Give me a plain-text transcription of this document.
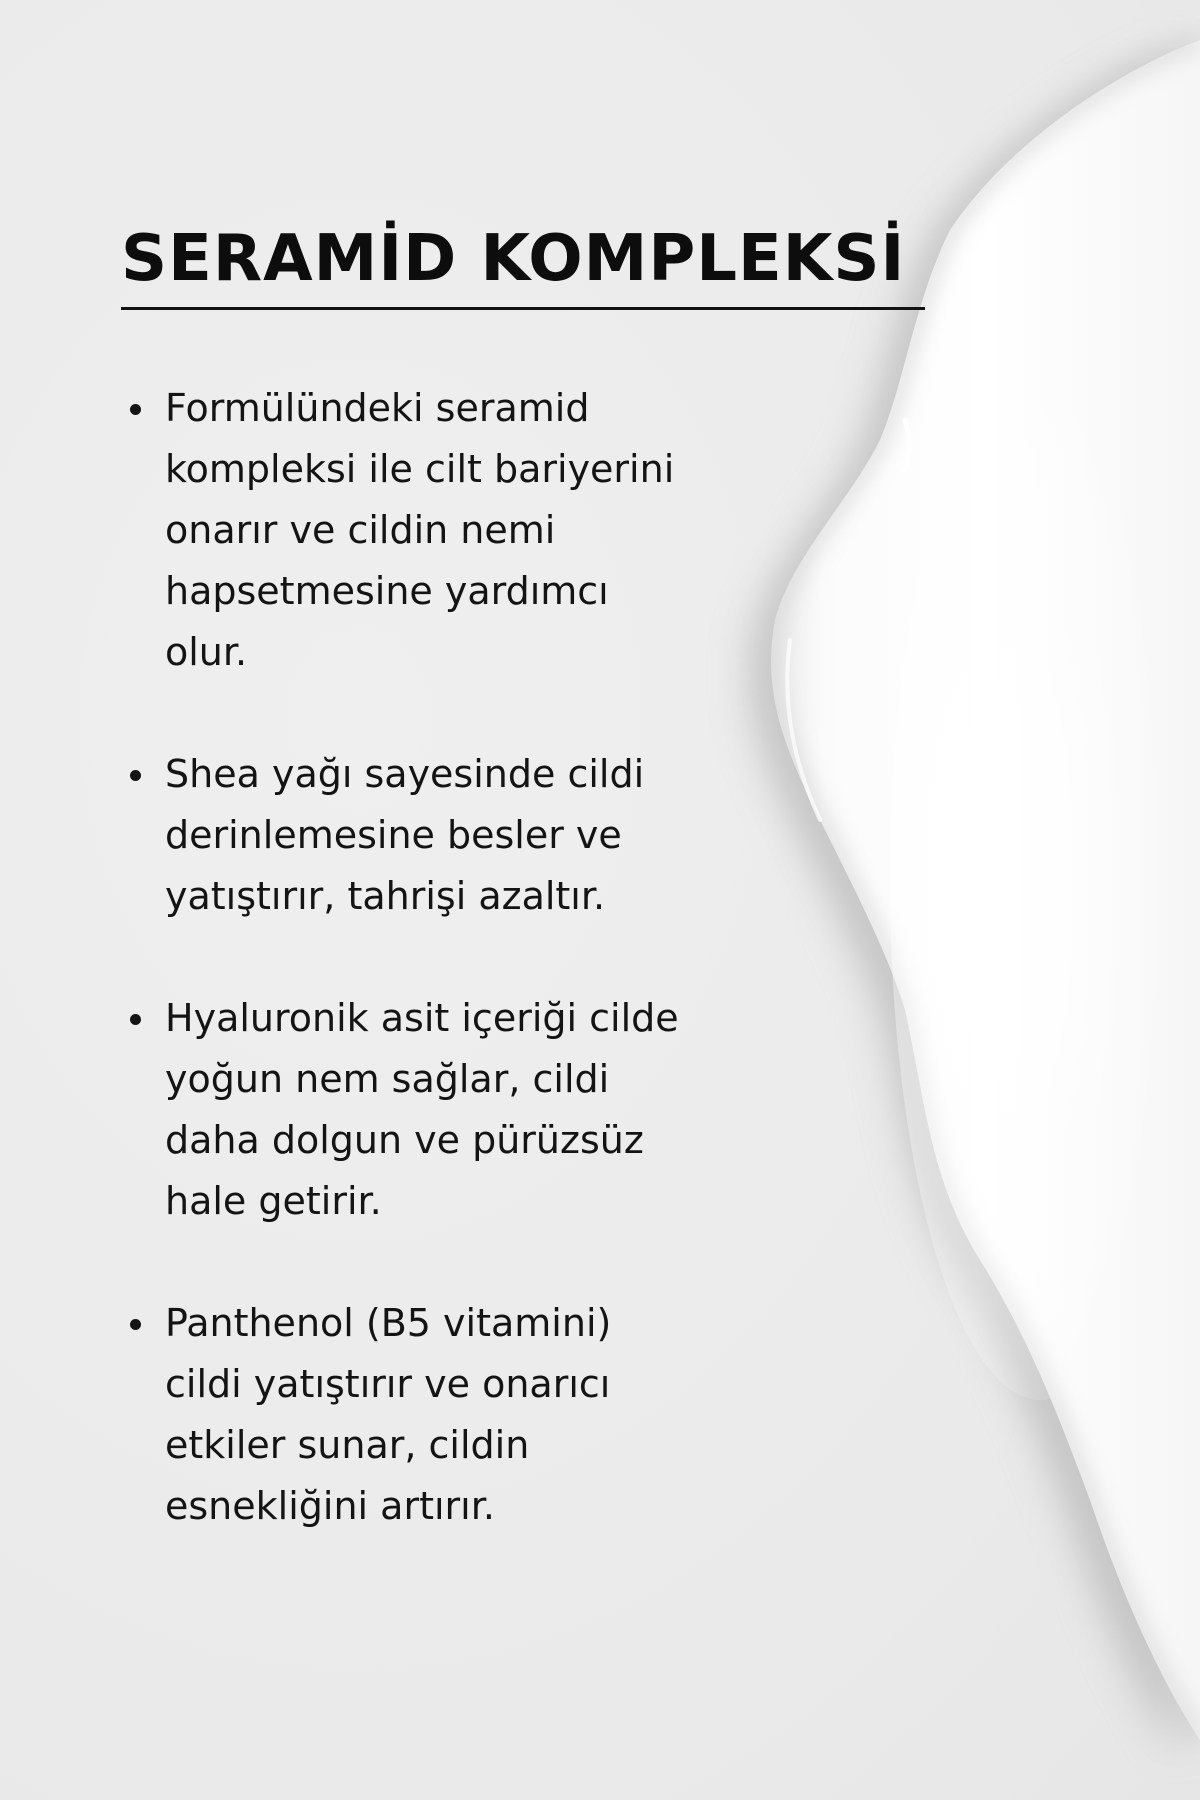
SERAMİD KOMPLEKSİ
Formülündeki seramid
kompleksi ile cilt bariyerini
onarır ve cildin nemi
hapsetmesine yardımcı
olur.
Shea yağı sayesinde cildi
derinlemesine besler ve
yatıştırır, tahrişi azaltır.
Hyaluronik asit içeriği cilde
yoğun nem sağlar, cildi
daha dolgun ve pürüzsüz
hale getirir.
Panthenol (B5 vitamini)
cildi yatıştırır ve onarıcı
etkiler sunar, cildin
esnekliğini artırır.
